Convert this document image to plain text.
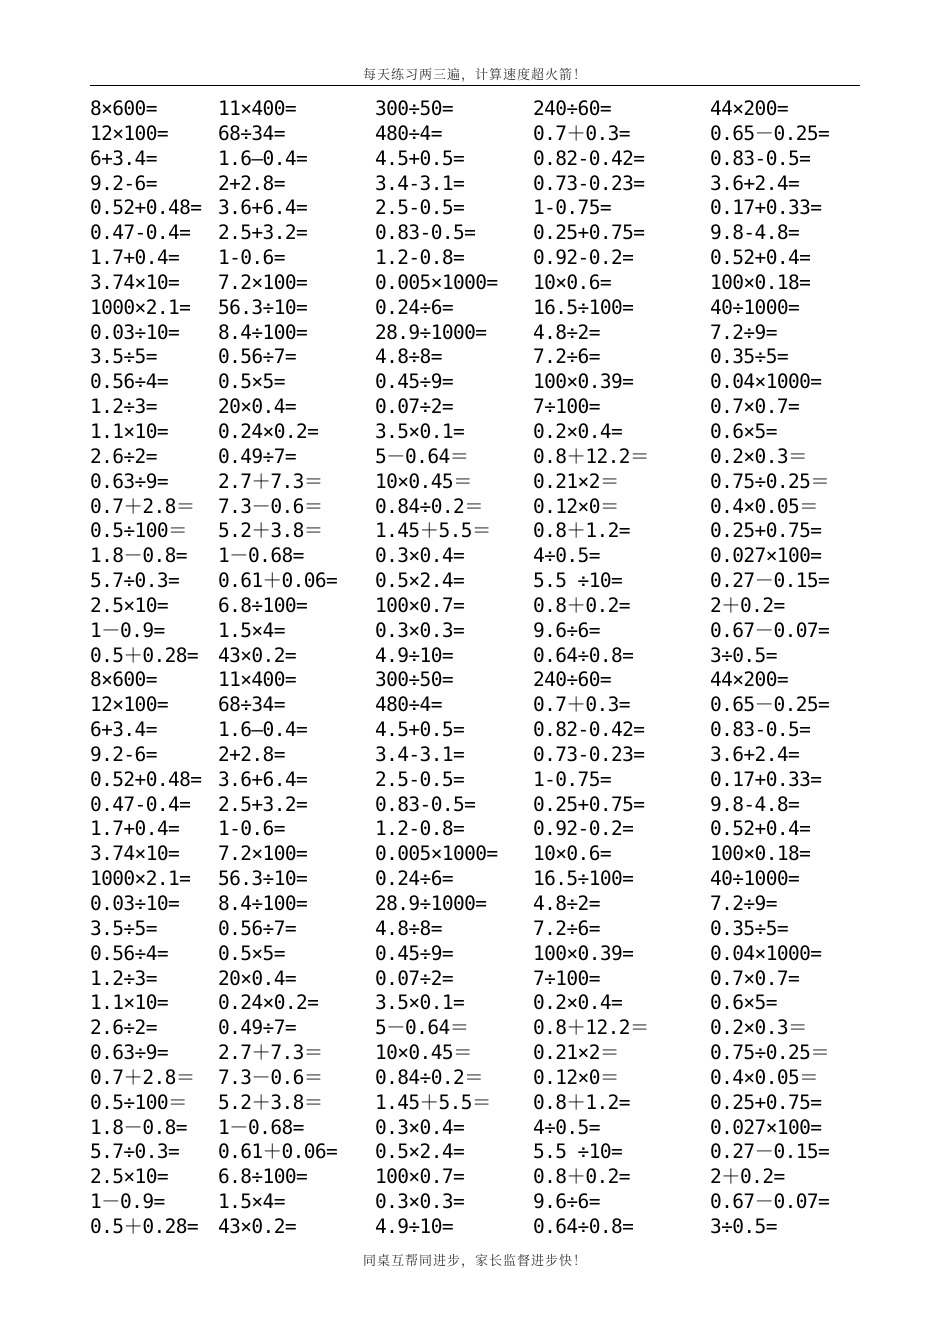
每天练习两三遍，计算速度超火箭！
8×600=	11×400=	300÷50=	240÷60=	44×200=
12×100=	68÷34=	480÷4=	0.7＋0.3=	0.65－0.25=
6+3.4=	1.6—0.4=	4.5+0.5=	0.82-0.42=	0.83-0.5=
9.2-6=	2+2.8=	3.4-3.1=	0.73-0.23=	3.6+2.4=
0.52+0.48= 3.6+6.4=	2.5-0.5=	1-0.75=	0.17+0.33=
0.47-0.4= 2.5+3.2=	0.83-0.5=	0.25+0.75=	9.8-4.8=
1.7+0.4= 1-0.6=	1.2-0.8=	0.92-0.2=	0.52+0.4=
3.74×10= 7.2×100=	0.005×1000= 10×0.6=	100×0.18=
1000×2.1= 56.3÷10=	0.24÷6=	16.5÷100=	40÷1000=
0.03÷10= 8.4÷100=	28.9÷1000= 4.8÷2=	7.2÷9=
3.5÷5=	0.56÷7=	4.8÷8=	7.2÷6=	0.35÷5=
0.56÷4=	0.5×5=	0.45÷9=	100×0.39=	0.04×1000=
1.2÷3=	20×0.4=	0.07÷2=	7÷100=	0.7×0.7=
1.1×10=	0.24×0.2=	3.5×0.1=	0.2×0.4=	0.6×5=
2.6÷2=	0.49÷7=	5－0.64＝	0.8＋12.2＝	0.2×0.3＝
0.63÷9=	2.7＋7.3＝	10×0.45＝	0.21×2＝	0.75÷0.25＝
0.7＋2.8＝ 7.3－0.6＝	0.84÷0.2＝	0.12×0＝	0.4×0.05＝
0.5÷100＝ 5.2＋3.8＝	1.45＋5.5＝ 0.8＋1.2=	0.25+0.75=
1.8－0.8= 1－0.68=	0.3×0.4=	4÷0.5=	0.027×100=
5.7÷0.3= 0.61＋0.06= 0.5×2.4=	5.5 ÷10=	0.27－0.15=
2.5×10=	6.8÷100=	100×0.7=	0.8＋0.2=	2＋0.2=
1－0.9=	1.5×4=	0.3×0.3=	9.6÷6=	0.67－0.07=
0.5＋0.28= 43×0.2=	4.9÷10=	0.64÷0.8=	3÷0.5=
8×600=	11×400=	300÷50=	240÷60=	44×200=
12×100=	68÷34=	480÷4=	0.7＋0.3=	0.65－0.25=
6+3.4=	1.6—0.4=	4.5+0.5=	0.82-0.42=	0.83-0.5=
9.2-6=	2+2.8=	3.4-3.1=	0.73-0.23=	3.6+2.4=
0.52+0.48= 3.6+6.4=	2.5-0.5=	1-0.75=	0.17+0.33=
0.47-0.4= 2.5+3.2=	0.83-0.5=	0.25+0.75=	9.8-4.8=
1.7+0.4= 1-0.6=	1.2-0.8=	0.92-0.2=	0.52+0.4=
3.74×10= 7.2×100=	0.005×1000= 10×0.6=	100×0.18=
1000×2.1= 56.3÷10=	0.24÷6=	16.5÷100=	40÷1000=
0.03÷10= 8.4÷100=	28.9÷1000= 4.8÷2=	7.2÷9=
3.5÷5=	0.56÷7=	4.8÷8=	7.2÷6=	0.35÷5=
0.56÷4=	0.5×5=	0.45÷9=	100×0.39=	0.04×1000=
1.2÷3=	20×0.4=	0.07÷2=	7÷100=	0.7×0.7=
1.1×10=	0.24×0.2=	3.5×0.1=	0.2×0.4=	0.6×5=
2.6÷2=	0.49÷7=	5－0.64＝	0.8＋12.2＝	0.2×0.3＝
0.63÷9=	2.7＋7.3＝	10×0.45＝	0.21×2＝	0.75÷0.25＝
0.7＋2.8＝ 7.3－0.6＝	0.84÷0.2＝	0.12×0＝	0.4×0.05＝
0.5÷100＝ 5.2＋3.8＝	1.45＋5.5＝ 0.8＋1.2=	0.25+0.75=
1.8－0.8= 1－0.68=	0.3×0.4=	4÷0.5=	0.027×100=
5.7÷0.3= 0.61＋0.06= 0.5×2.4=	5.5 ÷10=	0.27－0.15=
2.5×10=	6.8÷100=	100×0.7=	0.8＋0.2=	2＋0.2=
1－0.9=	1.5×4=	0.3×0.3=	9.6÷6=	0.67－0.07=
0.5＋0.28= 43×0.2=	4.9÷10=	0.64÷0.8=	3÷0.5=
同桌互帮同进步，家长监督进步快！
